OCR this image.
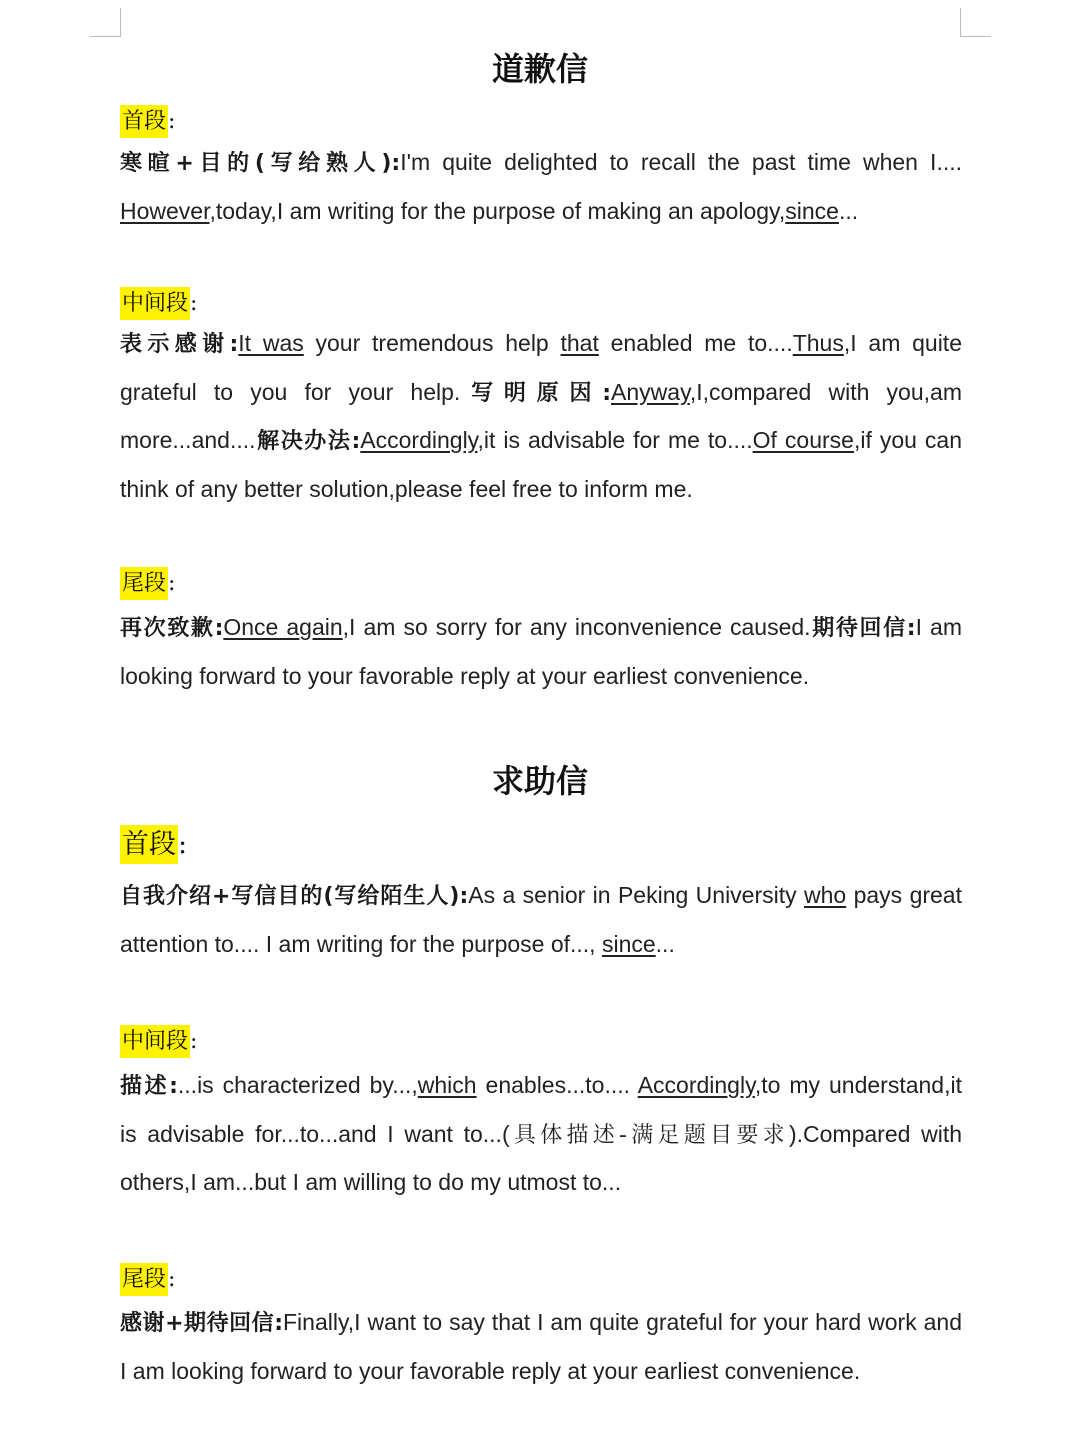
道歉信
首段:
寒暄+目的(写给熟人):I'm quite delighted to recall the past time when I.... However,today,I am writing for the purpose of making an apology,since...
中间段:
表示感谢:It was your tremendous help that enabled me to....Thus,I am quite grateful to you for your help.写明原因:Anyway,I,compared with you,am more...and....解决办法:Accordingly,it is advisable for me to....Of course,if you can think of any better solution,please feel free to inform me.
尾段:
再次致歉:Once again,I am so sorry for any inconvenience caused.期待回信:I am looking forward to your favorable reply at your earliest convenience.
求助信
首段:
自我介绍+写信目的(写给陌生人):As a senior in Peking University who pays great attention to.... I am writing for the purpose of..., since...
中间段:
描述:...is characterized by...,which enables...to.... Accordingly,to my understand,it is advisable for...to...and I want to...(具体描述-满足题目要求).Compared with others,I am...but I am willing to do my utmost to...
尾段:
感谢+期待回信:Finally,I want to say that I am quite grateful for your hard work and I am looking forward to your favorable reply at your earliest convenience.
